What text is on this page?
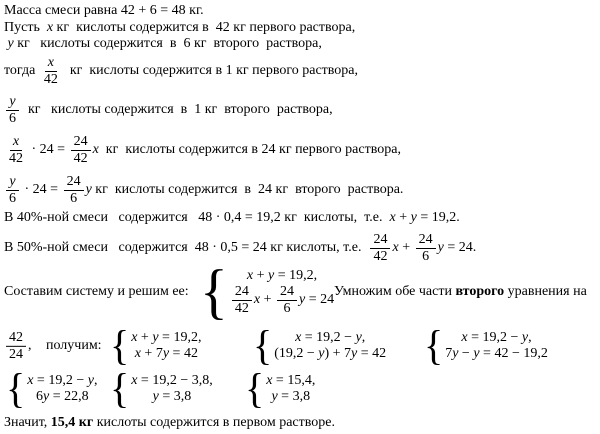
Масса смеси равна 42 + 6 = 48 кг.
Пусть x кг  кислоты содержится в  42 кг первого раствора,

y кг   кислоты содержится  в  6 кг  второго  раствора,
тогда $\frac{x}{42}$ кг  кислоты содержится в 1 кг первого раствора,
$\frac{y}{6}$ кг   кислоты содержится  в  1 кг  второго  раствора,
$\frac{x}{42} \cdot 24 = \frac{24}{42}$ x кг  кислоты содержится в 24 кг первого раствора,
$\frac{y}{6} \cdot 24 = \frac{24}{6}$ y кг  кислоты содержится  в  24 кг  второго  раствора.
В 40%-ной смеси   содержится   48 · 0,4 = 19,2 кг  кислоты,  т.е. x + y = 19,2.
В 50%-ной смеси   содержится  48 · 0,5 = 24 кг кислоты, т.е. $\frac{24}{42}$ $x + \frac{24}{6}$ y = 24.
Составим систему и решим ее: { x + y = 19,2,
$\frac{24}{42}$ $x + \frac{24}{6}$ y = 24
Умножим обе части второго уравнения на
$\frac{42}{24}$ , получим: { x + y = 19,2,
x + 7 y = 42 { x = 19,2 − y ,
(19,2 − y ) + 7 y = 42 { x = 19,2 − y ,
7 y − y = 42 − 19,2
{ x = 19,2 − y ,
6 y = 22,8 { x = 19,2 − 3,8,
y = 3,8 { x = 15,4,
y = 3,8
Значит, 15,4 кг кислоты содержится в первом растворе.
